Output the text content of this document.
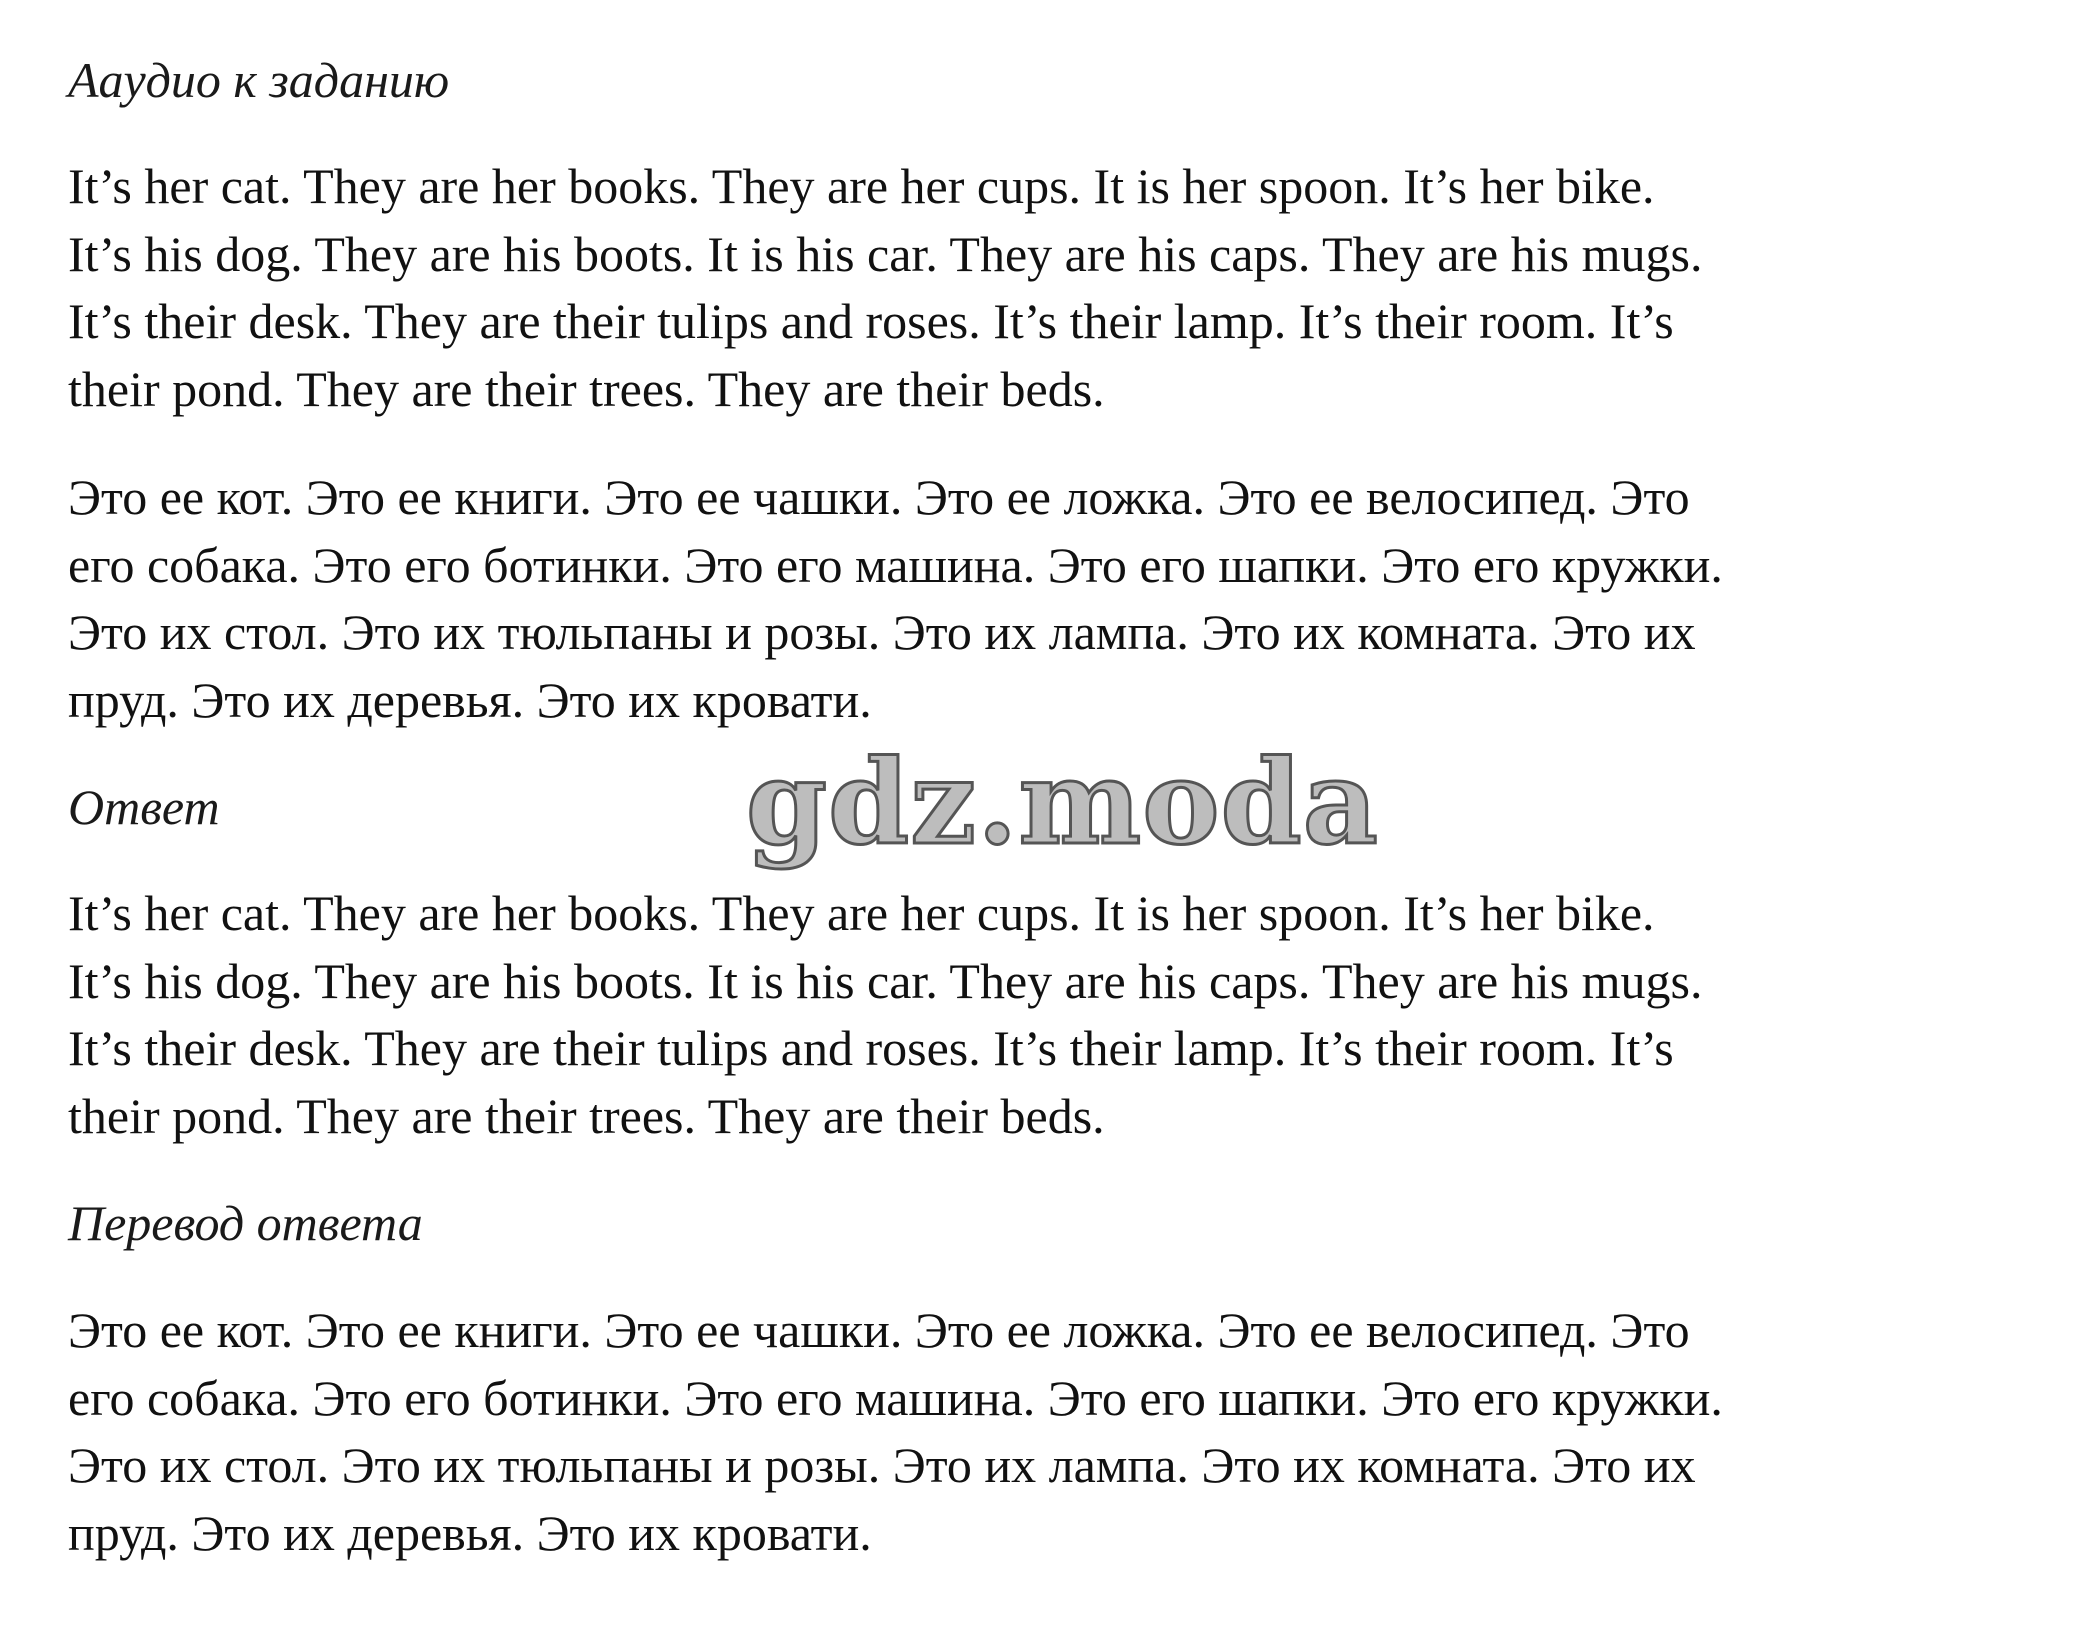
Аaудио к заданию
It’s her cat. They are her books. They are her cups. It is her spoon. It’s her bike.
It’s his dog. They are his boots. It is his car. They are his caps. They are his mugs.
It’s their desk. They are their tulips and roses. It’s their lamp. It’s their room. It’s
their pond. They are their trees. They are their beds.
Это ее кот. Это ее книги. Это ее чашки. Это ее ложка. Это ее велосипед. Это
его собака. Это его ботинки. Это его машина. Это его шапки. Это его кружки.
Это их стол. Это их тюльпаны и розы. Это их лампа. Это их комната. Это их
пруд. Это их деревья. Это их кровати.
Ответ	gdz.moda
It’s her cat. They are her books. They are her cups. It is her spoon. It’s her bike.
It’s his dog. They are his boots. It is his car. They are his caps. They are his mugs.
It’s their desk. They are their tulips and roses. It’s their lamp. It’s their room. It’s
their pond. They are their trees. They are their beds.
Перевод ответа
Это ее кот. Это ее книги. Это ее чашки. Это ее ложка. Это ее велосипед. Это
его собака. Это его ботинки. Это его машина. Это его шапки. Это его кружки.
Это их стол. Это их тюльпаны и розы. Это их лампа. Это их комната. Это их
пруд. Это их деревья. Это их кровати.
